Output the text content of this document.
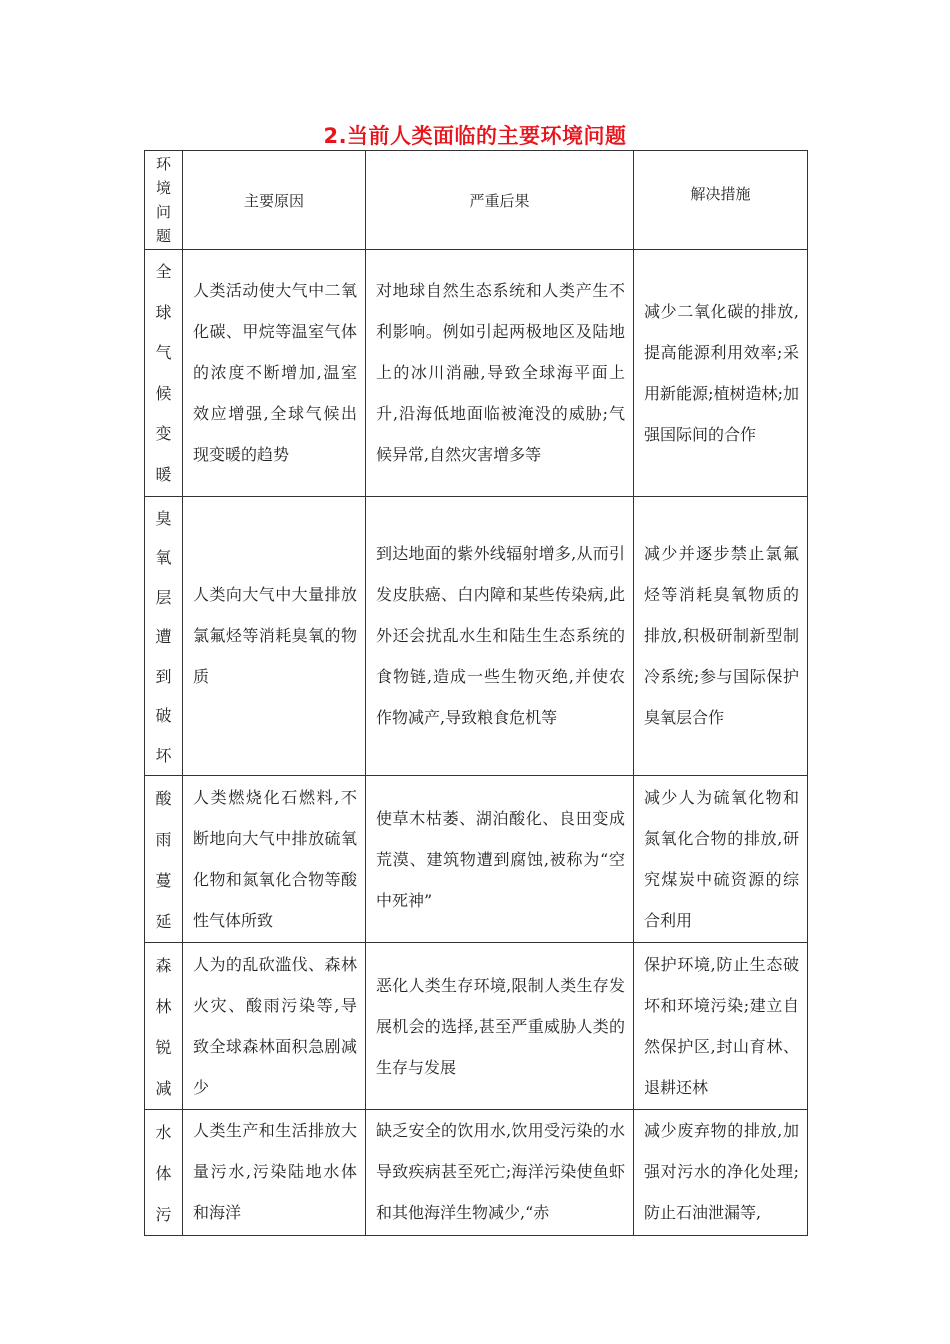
2.当前人类面临的主要环境问题
环境问题	主要原因	严重后果	解决措施

全球气候变暖	人类活动使大气中二氧化碳、甲烷等温室气体的浓度不断增加,温室效应增强,全球气候出现变暖的趋势	对地球自然生态系统和人类产生不利影响。例如引起两极地区及陆地上的冰川消融,导致全球海平面上升,沿海低地面临被淹没的威胁;气候异常,自然灾害增多等	减少二氧化碳的排放,提高能源利用效率;采用新能源;植树造林;加强国际间的合作

臭氧层遭到破坏	人类向大气中大量排放氯氟烃等消耗臭氧的物质	到达地面的紫外线辐射增多,从而引发皮肤癌、白内障和某些传染病,此外还会扰乱水生和陆生生态系统的食物链,造成一些生物灭绝,并使农作物减产,导致粮食危机等	减少并逐步禁止氯氟烃等消耗臭氧物质的排放,积极研制新型制冷系统;参与国际保护臭氧层合作

酸雨蔓延	人类燃烧化石燃料,不断地向大气中排放硫氧化物和氮氧化合物等酸性气体所致	使草木枯萎、湖泊酸化、良田变成荒漠、建筑物遭到腐蚀,被称为“空中死神”	减少人为硫氧化物和氮氧化合物的排放,研究煤炭中硫资源的综合利用

森林锐减	人为的乱砍滥伐、森林火灾、酸雨污染等,导致全球森林面积急剧减少	恶化人类生存环境,限制人类生存发展机会的选择,甚至严重威胁人类的生存与发展	保护环境,防止生态破坏和环境污染;建立自然保护区,封山育林、退耕还林

水体污	人类生产和生活排放大量污水,污染陆地水体和海洋	缺乏安全的饮用水,饮用受污染的水导致疾病甚至死亡;海洋污染使鱼虾和其他海洋生物减少,“赤	减少废弃物的排放,加强对污水的净化处理;防止石油泄漏等,
